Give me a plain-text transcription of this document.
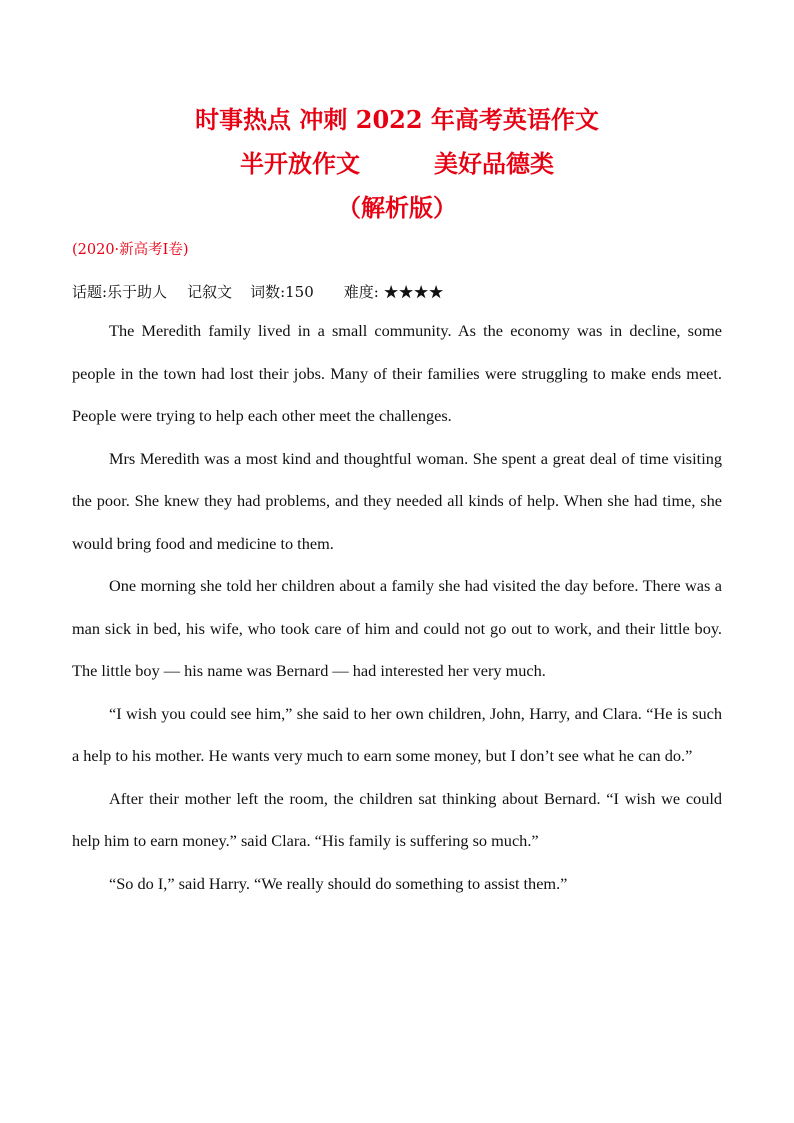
时事热点 冲刺 2022 年高考英语作文

半开放作文	美好品德类

（解析版）

(2020·新高考Ⅰ卷)

话题:乐于助人 记叙文 词数:150 难度: ★★★★

The Meredith family lived in a small community. As the economy was in decline, some people in the town had lost their jobs. Many of their families were struggling to make ends meet. People were trying to help each other meet the challenges.

Mrs Meredith was a most kind and thoughtful woman. She spent a great deal of time visiting the poor. She knew they had problems, and they needed all kinds of help. When she had time, she would bring food and medicine to them.

One morning she told her children about a family she had visited the day before. There was a man sick in bed, his wife, who took care of him and could not go out to work, and their little boy. The little boy — his name was Bernard — had interested her very much.

“I wish you could see him,” she said to her own children, John, Harry, and Clara. “He is such a help to his mother. He wants very much to earn some money, but I don’t see what he can do.”

After their mother left the room, the children sat thinking about Bernard. “I wish we could help him to earn money.” said Clara. “His family is suffering so much.”

“So do I,” said Harry. “We really should do something to assist them.”
